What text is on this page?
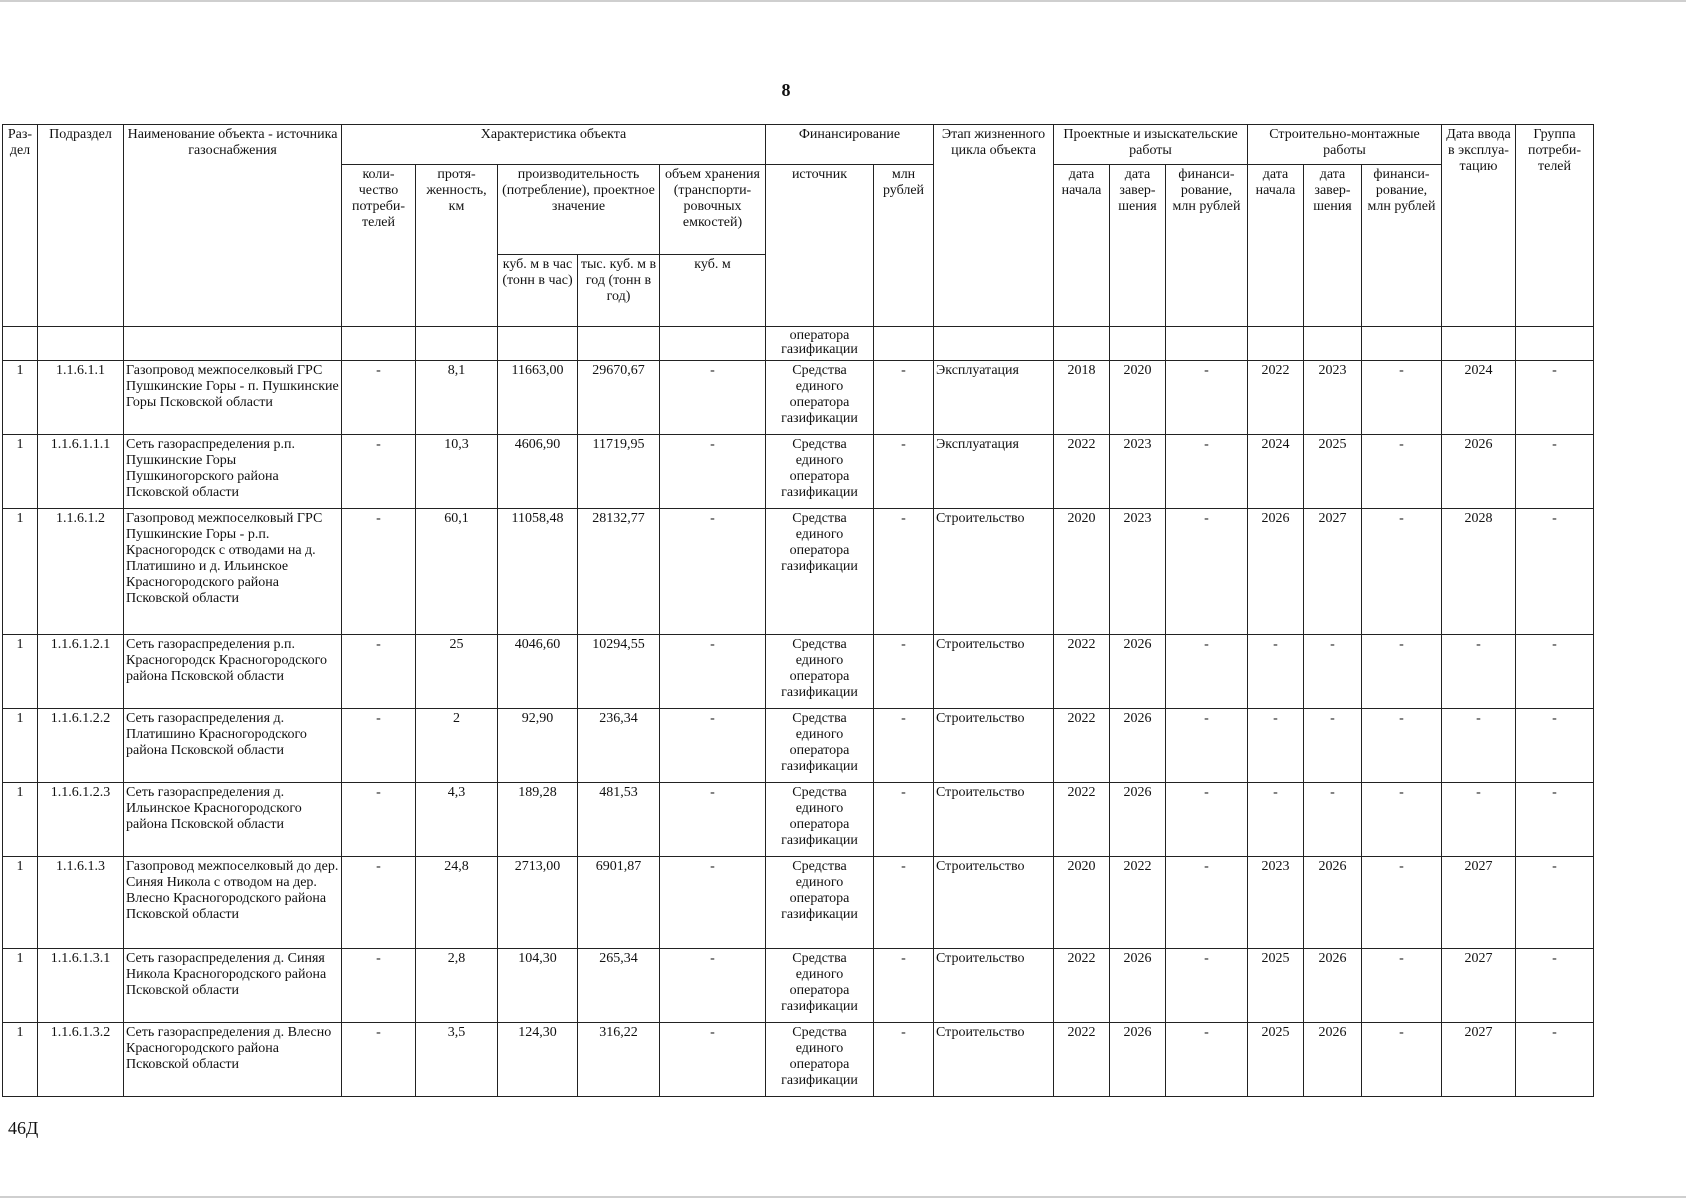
8
Раз-дел	Подраздел	Наименование объекта - источника газоснабжения	Характеристика объекта					Финансирование		Этап жизненного цикла объекта	Проектные и изыскательские работы			Строительно-монтажные работы			Дата ввода в эксплуа-тацию	Группа потреби-телей
			коли-чество потреби-телей	протя-женность, км	производительность (потребление), проектное значение		объем хранения (транспорти-ровочных емкостей)	источник	млн рублей		дата начала	дата завер-шения	финанси-рование, млн рублей	дата начала	дата завер-шения	финанси-рование, млн рублей		
					куб. м в час (тонн в час)	тыс. куб. м в год (тонн в год)	куб. м											
								оператора газификации										
1	1.1.6.1.1	Газопровод межпоселковый ГРС Пушкинские Горы - п. Пушкинские Горы Псковской области	-	8,1	11663,00	29670,67	-	Средства единого оператора газификации	-	Эксплуатация	2018	2020	-	2022	2023	-	2024	-
1	1.1.6.1.1.1	Сеть газораспределения р.п. Пушкинские Горы Пушкиногорского района Псковской области	-	10,3	4606,90	11719,95	-	Средства единого оператора газификации	-	Эксплуатация	2022	2023	-	2024	2025	-	2026	-
1	1.1.6.1.2	Газопровод межпоселковый ГРС Пушкинские Горы - р.п. Красногородск с отводами на д. Платишино и д. Ильинское Красногородского района Псковской области	-	60,1	11058,48	28132,77	-	Средства единого оператора газификации	-	Строительство	2020	2023	-	2026	2027	-	2028	-
1	1.1.6.1.2.1	Сеть газораспределения р.п. Красногородск Красногородского района Псковской области	-	25	4046,60	10294,55	-	Средства единого оператора газификации	-	Строительство	2022	2026	-	-	-	-	-	-
1	1.1.6.1.2.2	Сеть газораспределения д. Платишино Красногородского района Псковской области	-	2	92,90	236,34	-	Средства единого оператора газификации	-	Строительство	2022	2026	-	-	-	-	-	-
1	1.1.6.1.2.3	Сеть газораспределения д. Ильинское Красногородского района Псковской области	-	4,3	189,28	481,53	-	Средства единого оператора газификации	-	Строительство	2022	2026	-	-	-	-	-	-
1	1.1.6.1.3	Газопровод межпоселковый до дер. Синяя Никола с отводом на дер. Влесно Красногородского района Псковской области	-	24,8	2713,00	6901,87	-	Средства единого оператора газификации	-	Строительство	2020	2022	-	2023	2026	-	2027	-
1	1.1.6.1.3.1	Сеть газораспределения д. Синяя Никола Красногородского района Псковской области	-	2,8	104,30	265,34	-	Средства единого оператора газификации	-	Строительство	2022	2026	-	2025	2026	-	2027	-
1	1.1.6.1.3.2	Сеть газораспределения д. Влесно Красногородского района Псковской области	-	3,5	124,30	316,22	-	Средства единого оператора газификации	-	Строительство	2022	2026	-	2025	2026	-	2027	-
46Д
